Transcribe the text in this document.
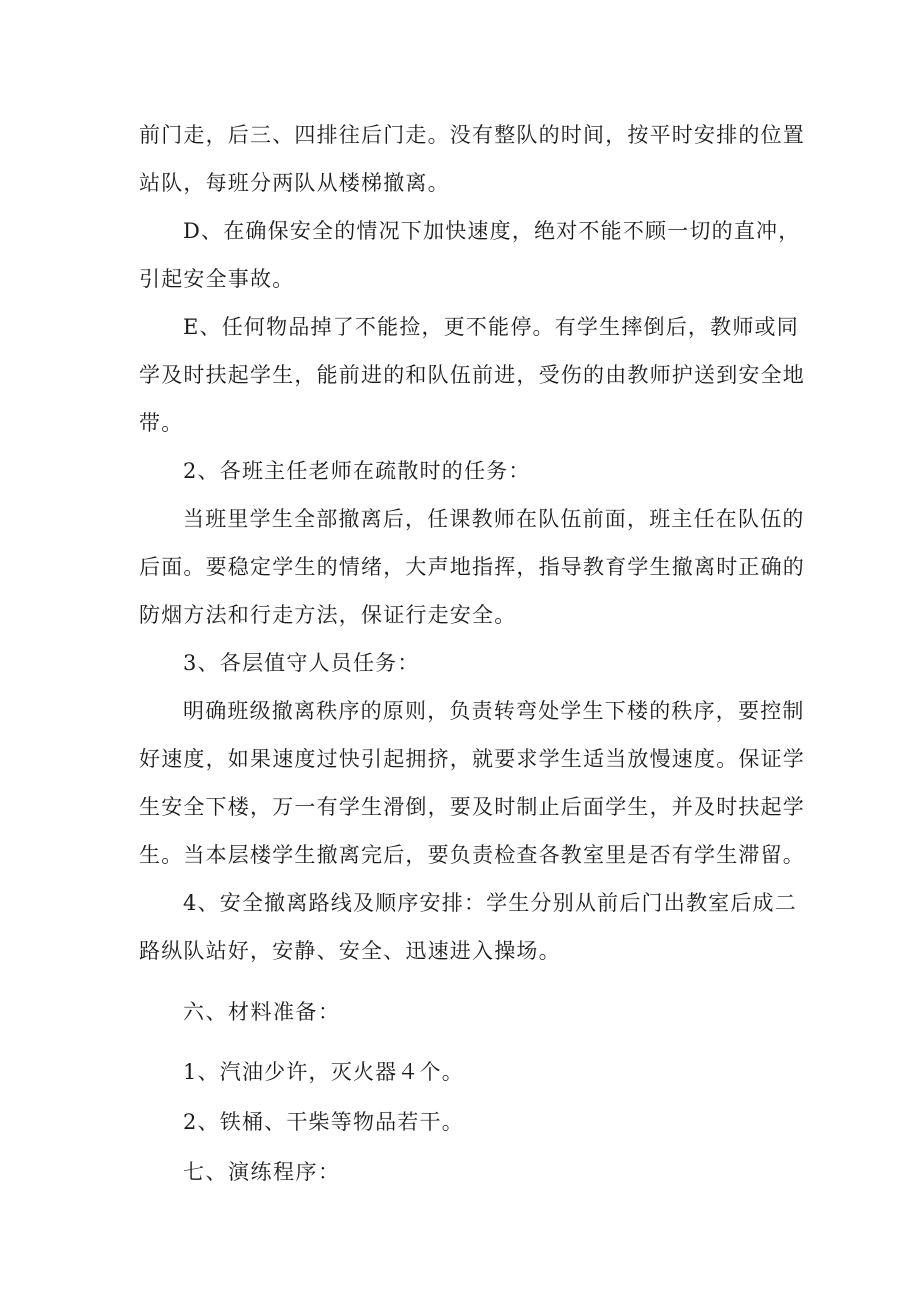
前门走，后三、四排往后门走。没有整队的时间，按平时安排的位置
站队，每班分两队从楼梯撤离。
D、在确保安全的情况下加快速度，绝对不能不顾一切的直冲，
引起安全事故。
E、任何物品掉了不能捡，更不能停。有学生摔倒后，教师或同
学及时扶起学生，能前进的和队伍前进，受伤的由教师护送到安全地
带。
2、各班主任老师在疏散时的任务：
当班里学生全部撤离后，任课教师在队伍前面，班主任在队伍的
后面。要稳定学生的情绪，大声地指挥，指导教育学生撤离时正确的
防烟方法和行走方法，保证行走安全。
3、各层值守人员任务：
明确班级撤离秩序的原则，负责转弯处学生下楼的秩序，要控制
好速度，如果速度过快引起拥挤，就要求学生适当放慢速度。保证学
生安全下楼，万一有学生滑倒，要及时制止后面学生，并及时扶起学
生。当本层楼学生撤离完后，要负责检查各教室里是否有学生滞留。
4、安全撤离路线及顺序安排：学生分别从前后门出教室后成二
路纵队站好，安静、安全、迅速进入操场。
六、材料准备：
1、汽油少许，灭火器４个。
2、铁桶、干柴等物品若干。
七、演练程序：
